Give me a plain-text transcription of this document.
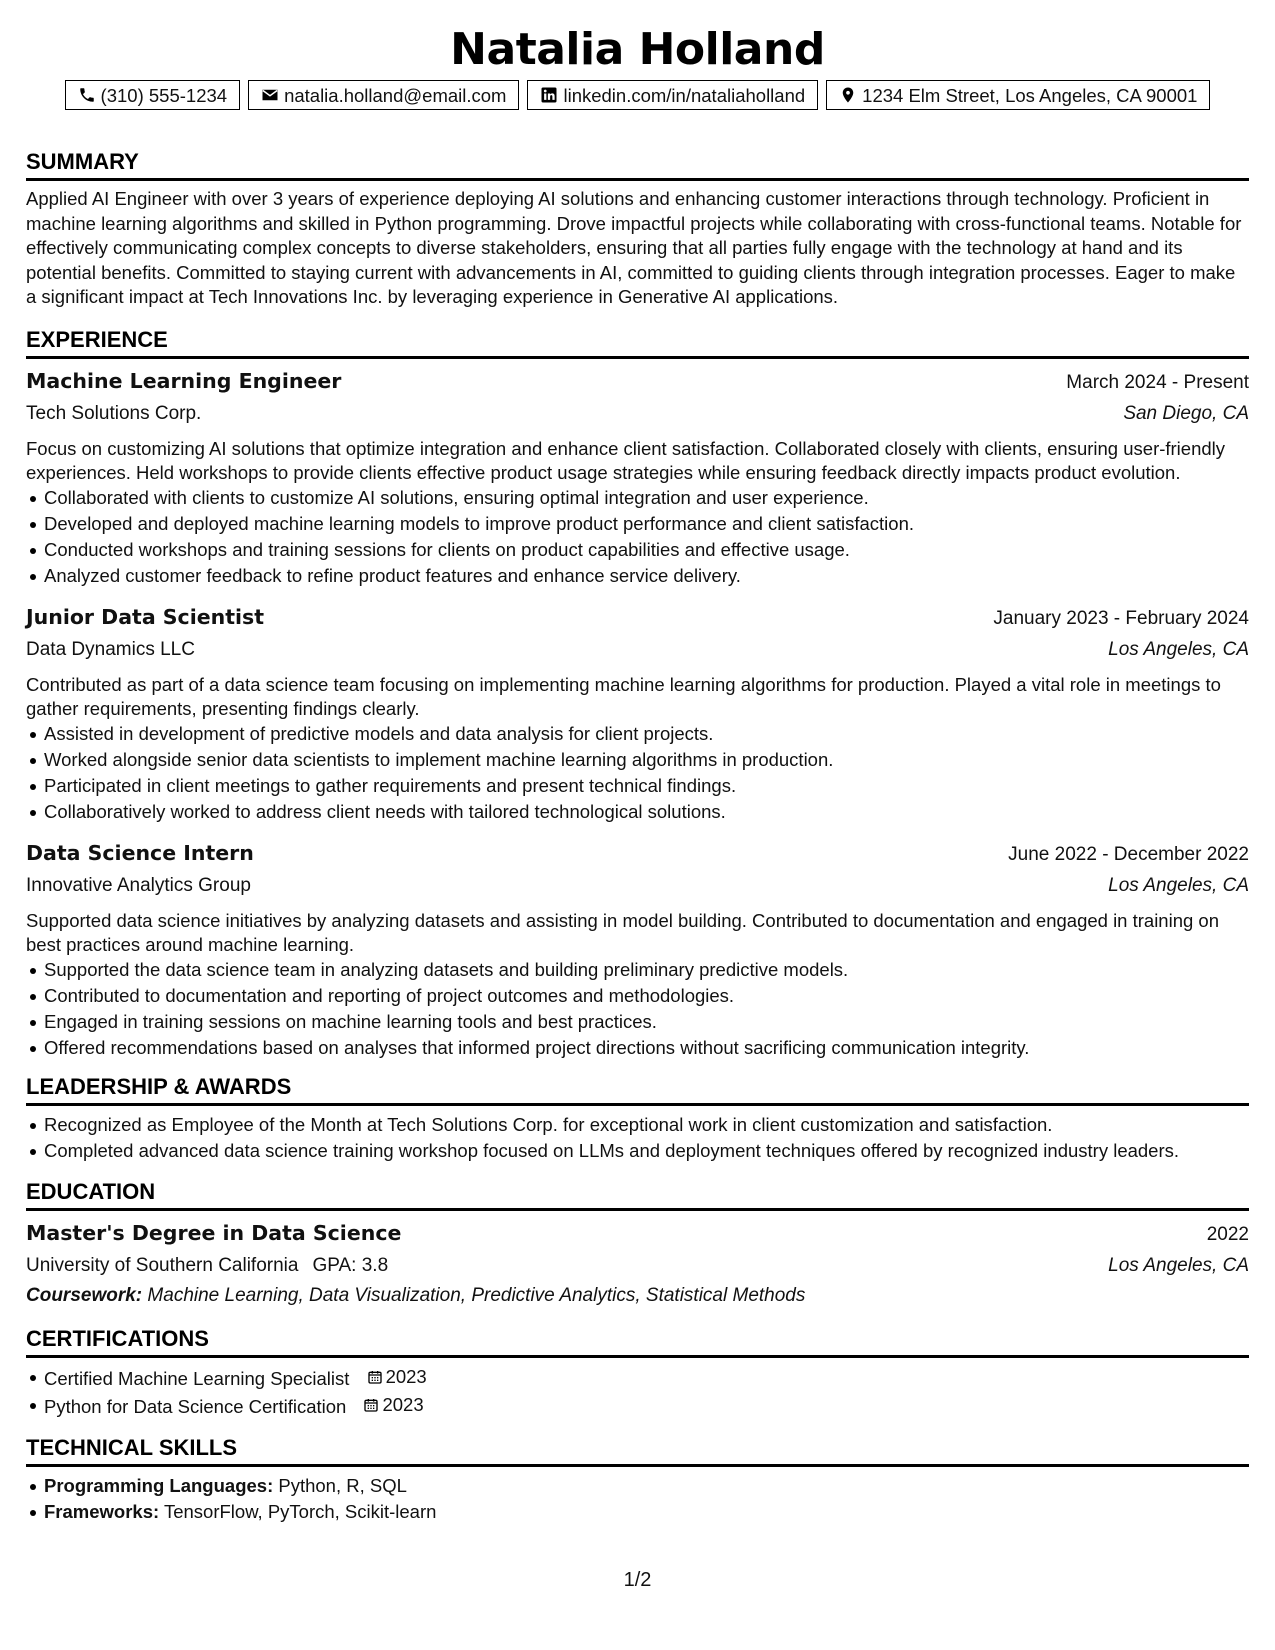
Natalia Holland
(310) 555-1234	natalia.holland@email.com	linkedin.com/in/nataliaholland	1234 Elm Street, Los Angeles, CA 90001
SUMMARY
Applied AI Engineer with over 3 years of experience deploying AI solutions and enhancing customer interactions through technology. Proficient in machine learning algorithms and skilled in Python programming. Drove impactful projects while collaborating with cross-functional teams. Notable for effectively communicating complex concepts to diverse stakeholders, ensuring that all parties fully engage with the technology at hand and its potential benefits. Committed to staying current with advancements in AI, committed to guiding clients through integration processes. Eager to make a significant impact at Tech Innovations Inc. by leveraging experience in Generative AI applications.
EXPERIENCE
Machine Learning Engineer	March 2024 - Present
Tech Solutions Corp.	San Diego, CA
Focus on customizing AI solutions that optimize integration and enhance client satisfaction. Collaborated closely with clients, ensuring user-friendly experiences. Held workshops to provide clients effective product usage strategies while ensuring feedback directly impacts product evolution.
Collaborated with clients to customize AI solutions, ensuring optimal integration and user experience.
Developed and deployed machine learning models to improve product performance and client satisfaction.
Conducted workshops and training sessions for clients on product capabilities and effective usage.
Analyzed customer feedback to refine product features and enhance service delivery.
Junior Data Scientist	January 2023 - February 2024
Data Dynamics LLC	Los Angeles, CA
Contributed as part of a data science team focusing on implementing machine learning algorithms for production. Played a vital role in meetings to gather requirements, presenting findings clearly.
Assisted in development of predictive models and data analysis for client projects.
Worked alongside senior data scientists to implement machine learning algorithms in production.
Participated in client meetings to gather requirements and present technical findings.
Collaboratively worked to address client needs with tailored technological solutions.
Data Science Intern	June 2022 - December 2022
Innovative Analytics Group	Los Angeles, CA
Supported data science initiatives by analyzing datasets and assisting in model building. Contributed to documentation and engaged in training on best practices around machine learning.
Supported the data science team in analyzing datasets and building preliminary predictive models.
Contributed to documentation and reporting of project outcomes and methodologies.
Engaged in training sessions on machine learning tools and best practices.
Offered recommendations based on analyses that informed project directions without sacrificing communication integrity.
LEADERSHIP & AWARDS
Recognized as Employee of the Month at Tech Solutions Corp. for exceptional work in client customization and satisfaction.
Completed advanced data science training workshop focused on LLMs and deployment techniques offered by recognized industry leaders.
EDUCATION
Master's Degree in Data Science	2022
University of Southern California GPA: 3.8	Los Angeles, CA
Coursework: Machine Learning, Data Visualization, Predictive Analytics, Statistical Methods
CERTIFICATIONS
Certified Machine Learning Specialist 2023
Python for Data Science Certification 2023
TECHNICAL SKILLS
Programming Languages: Python, R, SQL
Frameworks: TensorFlow, PyTorch, Scikit-learn
1/2
